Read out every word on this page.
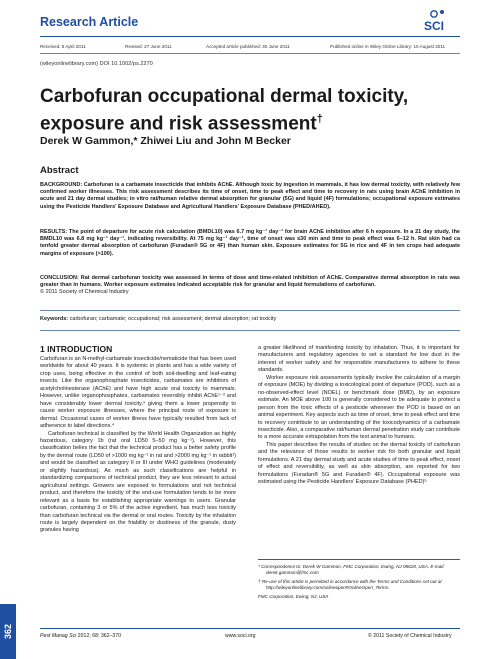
Research Article	SCI
Received: 5 April 2011	Revised: 27 June 2011	Accepted article published: 30 June 2011	Published online in Wiley Online Library: 10 August 2011
(wileyonlinelibrary.com) DOI 10.1002/ps.2270
Carbofuran occupational dermal toxicity,
exposure and risk assessment†
Derek W Gammon,* Zhiwei Liu and John M Becker
Abstract
BACKGROUND: Carbofuran is a carbamate insecticide that inhibits AChE. Although toxic by ingestion in mammals, it has low dermal toxicity, with relatively few confirmed worker illnesses. This risk assessment describes its time of onset, time to peak effect and time to recovery in rats using brain AChE inhibition in acute and 21 day dermal studies; in vitro rat/human relative dermal absorption for granular (5G) and liquid (4F) formulations; occupational exposure estimates using the Pesticide Handlers' Exposure Database and Agricultural Handlers' Exposure Database (PHED/AHED).
RESULTS: The point of departure for acute risk calculation (BMDL10) was 6.7 mg kg⁻¹ day⁻¹ for brain AChE inhibition after 6 h exposure. In a 21 day study, the BMDL10 was 6.8 mg kg⁻¹ day⁻¹, indicating reversibility. At 75 mg kg⁻¹ day⁻¹, time of onset was ≤30 min and time to peak effect was 6–12 h. Rat skin had ca tenfold greater dermal absorption of carbofuran (Furadan® 5G or 4F) than human skin. Exposure estimates for 5G in rice and 4F in ten crops had adequate margins of exposure (>100).
CONCLUSION: Rat dermal carbofuran toxicity was assessed in terms of dose and time-related inhibition of AChE. Comparative dermal absorption in rats was greater than in humans. Worker exposure estimates indicated acceptable risk for granular and liquid formulations of carbofuran.
© 2011 Society of Chemical Industry
Keywords: carbofuran; carbamate; occupational; risk assessment; dermal absorption; rat toxicity
1 INTRODUCTION

Carbofuran is an N-methyl-carbamate insecticide/nematicide that has been used worldwide for about 40 years. It is systemic in plants and has a wide variety of crop uses, being effective in the control of both soil-dwelling and leaf-eating insects. Like the organophosphate insecticides, carbamates are inhibitors of acetylcholinesterase (AChE) and have high acute oral toxicity to mammals. However, unlike organophosphates, carbamates reversibly inhibit AChE¹⁻³ and have considerably lower dermal toxicity,³ giving them a lower propensity to cause worker exposure illnesses, where the principal route of exposure is dermal. Occasional cases of worker illness have typically resulted from lack of adherence to label directions.⁴

Carbofuran technical is classified by the World Health Organization as highly hazardous, category 1b (rat oral LD50 5–50 mg kg⁻¹). However, this classification belies the fact that the technical product has a better safety profile by the dermal route (LD50 of >1000 mg kg⁻¹ in rat and >2000 mg kg⁻¹ in rabbit¹) and would be classified as category II or III under WHO guidelines (moderately or slightly hazardous). As much as such classifications are helpful in standardizing comparisons of technical product, they are less relevant to actual agricultural settings. Growers are exposed to formulations and not technical product, and therefore the toxicity of the end-use formulation tends to be more relevant as a basis for establishing appropriate warnings to users. Granular carbofuran, containing 3 or 5% of the active ingredient, has much less toxicity than carbofuran technical via the dermal or oral routes. Toxicity by the inhalation route is largely dependent on the friability or dustiness of the granule, dusty granules having

a greater likelihood of manifesting toxicity by inhalation. Thus, it is important for manufacturers and regulatory agencies to set a standard for low dust in the interest of worker safety and for responsible manufacturers to adhere to these standards.

Worker exposure risk assessments typically involve the calculation of a margin of exposure (MOE) by dividing a toxicological point of departure (POD), such as a no-observed-effect level (NOEL) or benchmark dose (BMD), by an exposure estimate. An MOE above 100 is generally considered to be adequate to protect a person from the toxic effects of a pesticide whenever the POD is based on an animal experiment. Key aspects such as time of onset, time to peak effect and time to recovery contribute to an understanding of the toxicodynamics of a carbamate insecticide. Also, a comparative rat/human dermal penetration study can contribute to a more accurate extrapolation from the test animal to humans.

This paper describes the results of studies on the dermal toxicity of carbofuran and the relevance of those results to worker risk for both granular and liquid formulations. A 21 day dermal study and acute studies of time to peak effect, onset of effect and reversibility, as well as skin absorption, are reported for two formulations (Furadan® 5G and Furadan® 4F). Occupational exposure was estimated using the Pesticide Handlers' Exposure Database (PHED)⁵

* Correspondence to: Derek W Gammon, FMC Corporation, Ewing, NJ 08628, USA. E-mail: derek.gammon@fmc.com

† Re-use of this article is permitted in accordance with the Terms and Conditions set out at http://wileyonlinelibrary.com/onlineopen#OnlineOpen_Terms.

FMC Corporation, Ewing, NJ, USA

362	Pest Manag Sci 2012; 68: 362–370	www.soci.org	© 2011 Society of Chemical Industry
